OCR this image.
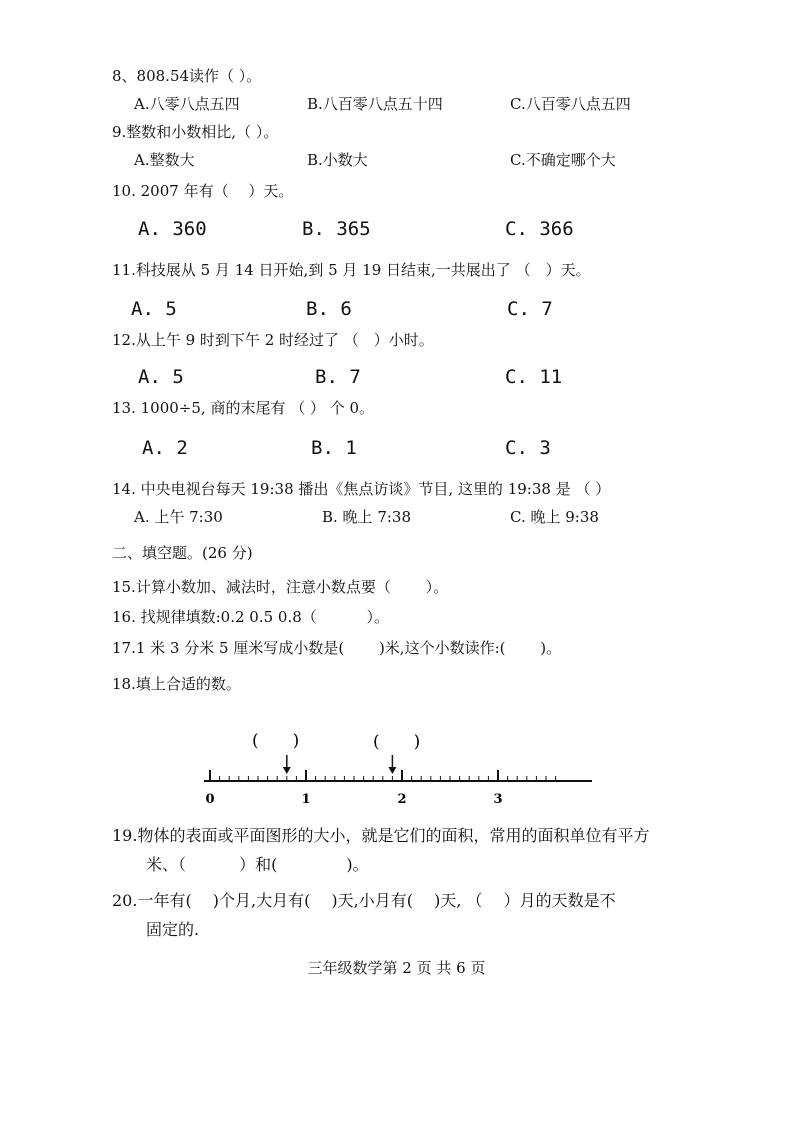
8、808.54读作（ ）。
A.八零八点五四	B.八百零八点五十四	C.八百零八点五四
9.整数和小数相比,（ ）。
A.整数大	B.小数大	C.不确定哪个大
10. 2007 年有（　 ）天。
A. 360	B. 365	C. 366
11.科技展从 5 月 14 日开始,到 5 月 19 日结束,一共展出了 （　）天。
A. 5	B. 6	C. 7
12.从上午 9 时到下午 2 时经过了 （　）小时。
A. 5	B. 7	C. 11
13. 1000÷5, 商的末尾有 （ ） 个 0。
A. 2	B. 1	C. 3
14. 中央电视台每天 19:38 播出《焦点访谈》节目, 这里的 19:38 是 （ ）
A. 上午 7:30	B. 晚上 7:38	C. 晚上 9:38
二、填空题。(26 分)
15.计算小数加、减法时，注意小数点要（　　 ）。
16. 找规律填数:0.2 0.5 0.8（　　　 ）。
17.1 米 3 分米 5 厘米写成小数是(　　 )米,这个小数读作:(　　 )。
18.填上合适的数。
(　　)	(　　)
0	1	2	3
19.物体的表面或平面图形的大小，就是它们的面积，常用的面积单位有平方
米、（　　　 ）和(　　　　 )。
20.一年有(　 )个月,大月有(　 )天,小月有(　 )天, （　 ）月的天数是不
固定的.
三年级数学第 2 页 共 6 页
